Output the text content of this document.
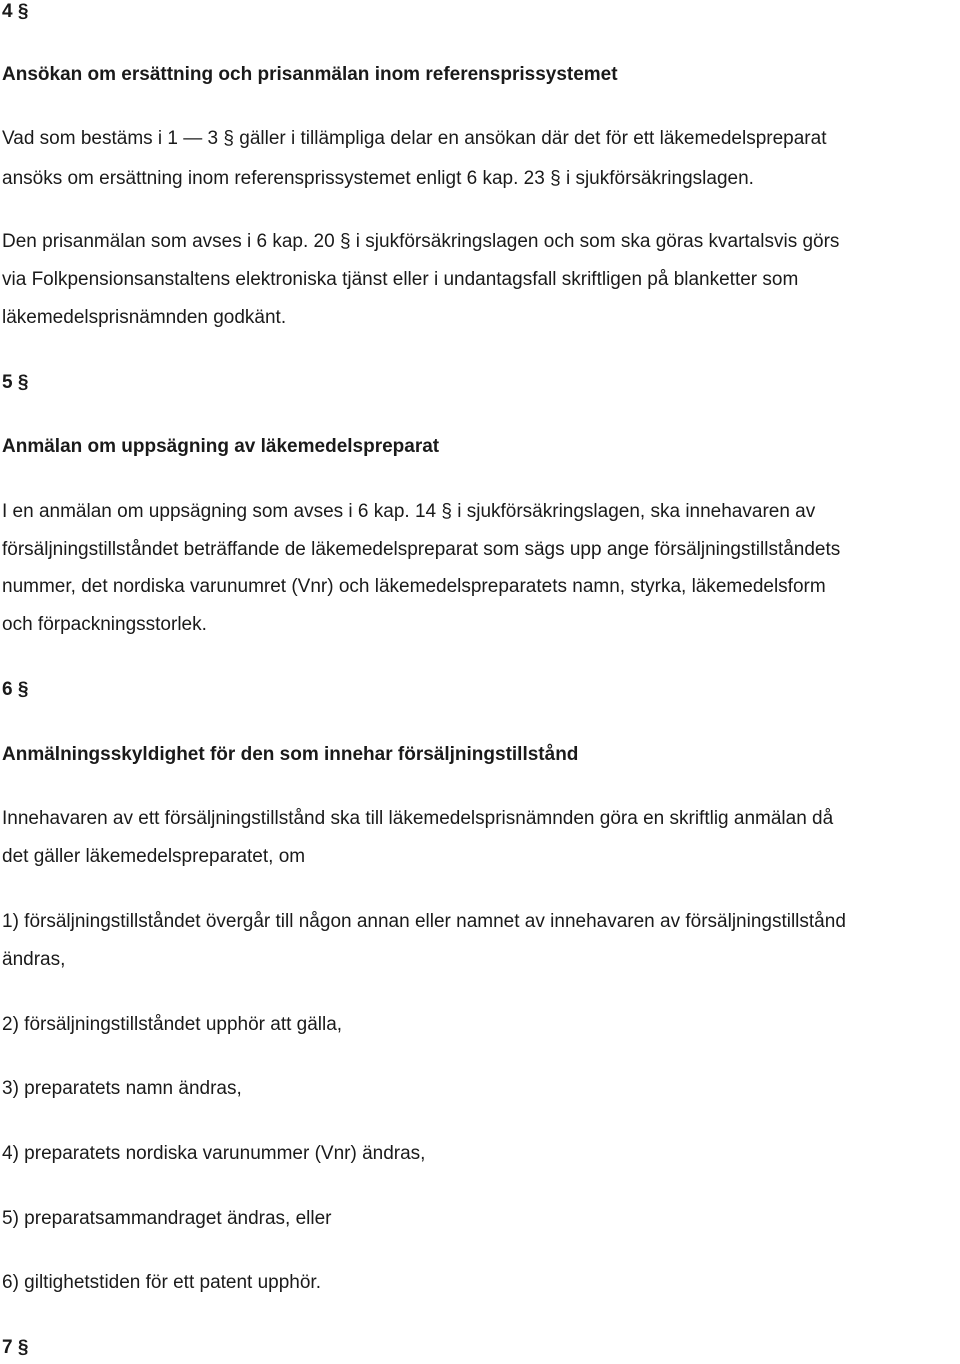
4 §
Ansökan om ersättning och prisanmälan inom referensprissystemet
Vad som bestäms i 1 — 3 § gäller i tillämpliga delar en ansökan där det för ett läkemedelspreparat
ansöks om ersättning inom referensprissystemet enligt 6 kap. 23 § i sjukförsäkringslagen.
Den prisanmälan som avses i 6 kap. 20 § i sjukförsäkringslagen och som ska göras kvartalsvis görs
via Folkpensionsanstaltens elektroniska tjänst eller i undantagsfall skriftligen på blanketter som
läkemedelsprisnämnden godkänt.
5 §
Anmälan om uppsägning av läkemedelspreparat
I en anmälan om uppsägning som avses i 6 kap. 14 § i sjukförsäkringslagen, ska innehavaren av
försäljningstillståndet beträffande de läkemedelspreparat som sägs upp ange försäljningstillståndets
nummer, det nordiska varunumret (Vnr) och läkemedelspreparatets namn, styrka, läkemedelsform
och förpackningsstorlek.
6 §
Anmälningsskyldighet för den som innehar försäljningstillstånd
Innehavaren av ett försäljningstillstånd ska till läkemedelsprisnämnden göra en skriftlig anmälan då
det gäller läkemedelspreparatet, om
1) försäljningstillståndet övergår till någon annan eller namnet av innehavaren av försäljningstillstånd
ändras,
2) försäljningstillståndet upphör att gälla,
3) preparatets namn ändras,
4) preparatets nordiska varunummer (Vnr) ändras,
5) preparatsammandraget ändras, eller
6) giltighetstiden för ett patent upphör.
7 §
